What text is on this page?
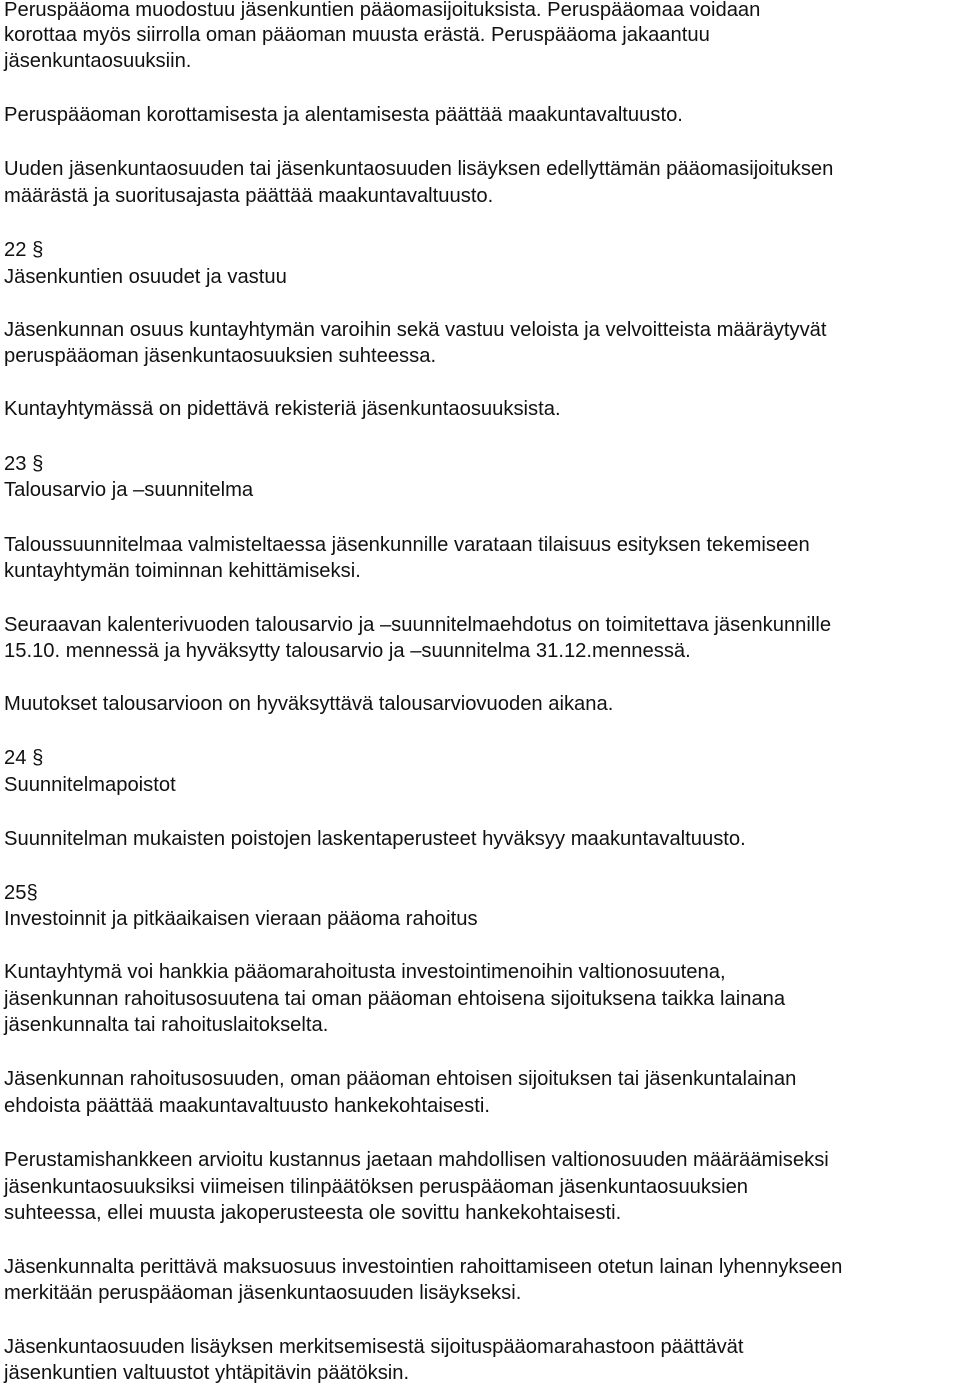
Peruspääoma muodostuu jäsenkuntien pääomasijoituksista. Peruspääomaa voidaan
korottaa myös siirrolla oman pääoman muusta erästä. Peruspääoma jakaantuu
jäsenkuntaosuuksiin.
Peruspääoman korottamisesta ja alentamisesta päättää maakuntavaltuusto.
Uuden jäsenkuntaosuuden tai jäsenkuntaosuuden lisäyksen edellyttämän pääomasijoituksen
määrästä ja suoritusajasta päättää maakuntavaltuusto.
22 §
Jäsenkuntien osuudet ja vastuu
Jäsenkunnan osuus kuntayhtymän varoihin sekä vastuu veloista ja velvoitteista määräytyvät
peruspääoman jäsenkuntaosuuksien suhteessa.
Kuntayhtymässä on pidettävä rekisteriä jäsenkuntaosuuksista.
23 §
Talousarvio ja –suunnitelma
Taloussuunnitelmaa valmisteltaessa jäsenkunnille varataan tilaisuus esityksen tekemiseen
kuntayhtymän toiminnan kehittämiseksi.
Seuraavan kalenterivuoden talousarvio ja –suunnitelmaehdotus on toimitettava jäsenkunnille
15.10. mennessä ja hyväksytty talousarvio ja –suunnitelma 31.12.mennessä.
Muutokset talousarvioon on hyväksyttävä talousarviovuoden aikana.
24 §
Suunnitelmapoistot
Suunnitelman mukaisten poistojen laskentaperusteet hyväksyy maakuntavaltuusto.
25§
Investoinnit ja pitkäaikaisen vieraan pääoma rahoitus
Kuntayhtymä voi hankkia pääomarahoitusta investointimenoihin valtionosuutena,
jäsenkunnan rahoitusosuutena tai oman pääoman ehtoisena sijoituksena taikka lainana
jäsenkunnalta tai rahoituslaitokselta.
Jäsenkunnan rahoitusosuuden, oman pääoman ehtoisen sijoituksen tai jäsenkuntalainan
ehdoista päättää maakuntavaltuusto hankekohtaisesti.
Perustamishankkeen arvioitu kustannus jaetaan mahdollisen valtionosuuden määräämiseksi
jäsenkuntaosuuksiksi viimeisen tilinpäätöksen peruspääoman jäsenkuntaosuuksien
suhteessa, ellei muusta jakoperusteesta ole sovittu hankekohtaisesti.
Jäsenkunnalta perittävä maksuosuus investointien rahoittamiseen otetun lainan lyhennykseen
merkitään peruspääoman jäsenkuntaosuuden lisäykseksi.
Jäsenkuntaosuuden lisäyksen merkitsemisestä sijoituspääomarahastoon päättävät
jäsenkuntien valtuustot yhtäpitävin päätöksin.
